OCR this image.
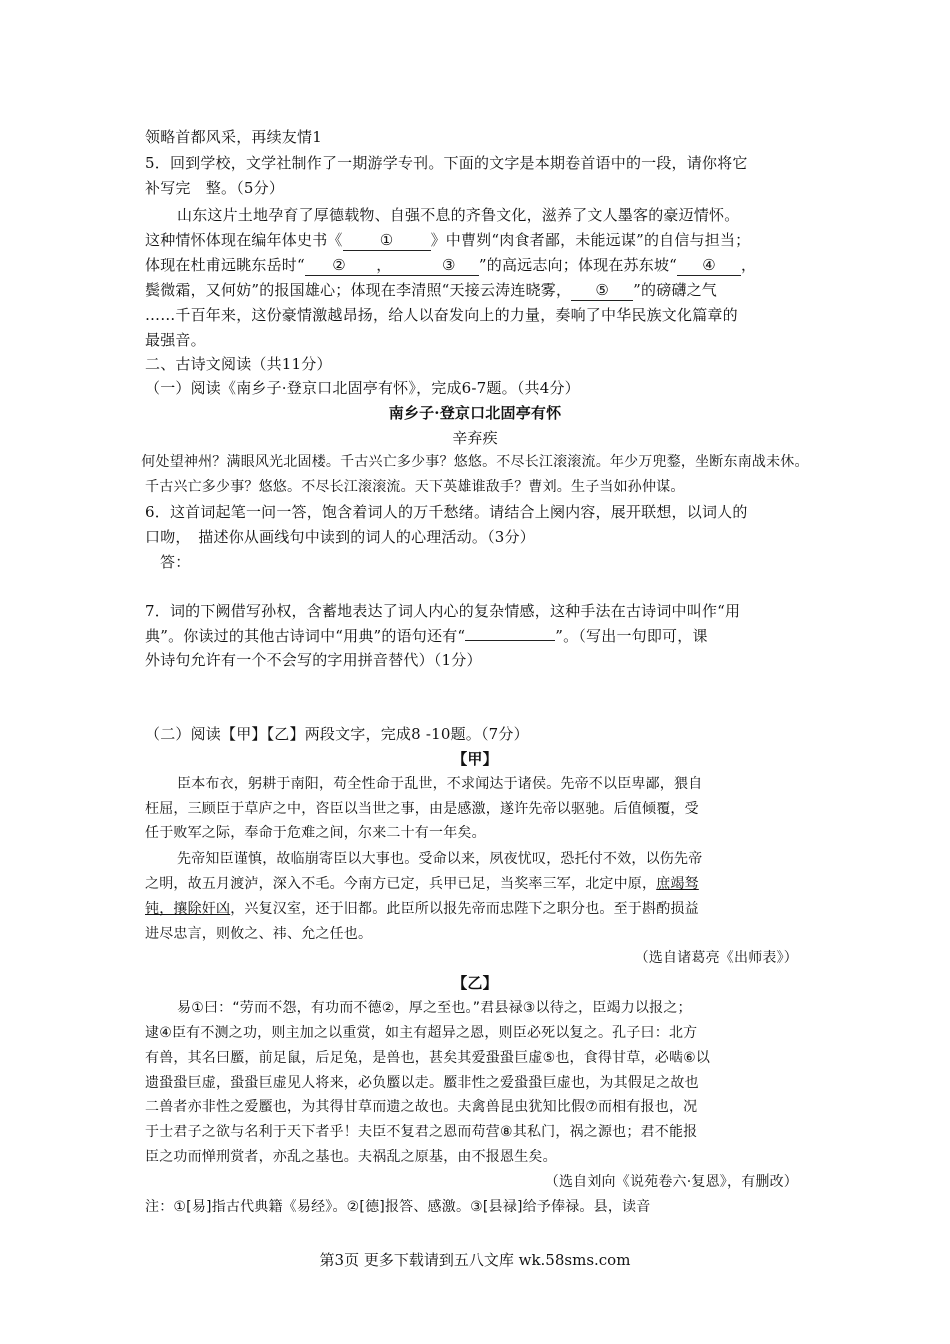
领略首都风采，再续友情1
5．回到学校，文学社制作了一期游学专刊。下面的文字是本期卷首语中的一段，请你将它
补写完　整。（5分）
山东这片土地孕育了厚德载物、自强不息的齐鲁文化，滋养了文人墨客的豪迈情怀。
这种情怀体现在编年体史书《 ① 》中曹刿“肉食者鄙，未能远谋”的自信与担当；
体现在杜甫远眺东岳时“ ②　　，	③ ”的高远志向；体现在苏东坡“ ④ ，
鬓微霜，又何妨”的报国雄心；体现在李清照“天接云涛连晓雾， ⑤ ”的磅礴之气
……千百年来，这份豪情激越昂扬，给人以奋发向上的力量，奏响了中华民族文化篇章的
最强音。
二、古诗文阅读（共11分）
（一）阅读《南乡子·登京口北固亭有怀》，完成6-7题。（共4分）
南乡子·登京口北固亭有怀
辛弃疾
何处望神州？满眼风光北固楼。千古兴亡多少事？悠悠。不尽长江滚滚流。年少万兜鍪，坐断东南战未休。
千古兴亡多少事？悠悠。不尽长江滚滚流。天下英雄谁敌手？曹刘。生子当如孙仲谋。
6．这首词起笔一问一答，饱含着词人的万千愁绪。请结合上阕内容，展开联想，以词人的
口吻，　描述你从画线句中读到的词人的心理活动。（3分）
答：
7．词的下阙借写孙权，含蓄地表达了词人内心的复杂情感，这种手法在古诗词中叫作“用
典”。你读过的其他古诗词中“用典”的语句还有“	”。（写出一句即可，课
外诗句允许有一个不会写的字用拼音替代）（1分）
（二）阅读【甲】【乙】两段文字，完成8 -10题。（7分）
【甲】
臣本布衣，躬耕于南阳，苟全性命于乱世，不求闻达于诸侯。先帝不以臣卑鄙，猥自
枉屈，三顾臣于草庐之中，咨臣以当世之事，由是感激，遂许先帝以驱驰。后值倾覆，受
任于败军之际，奉命于危难之间，尔来二十有一年矣。
先帝知臣谨慎，故临崩寄臣以大事也。受命以来，夙夜忧叹，恐托付不效，以伤先帝
之明，故五月渡泸，深入不毛。今南方已定，兵甲已足，当奖率三军，北定中原，庶竭驽
钝，攘除奸凶，兴复汉室，还于旧都。此臣所以报先帝而忠陛下之职分也。至于斟酌损益
进尽忠言，则攸之、祎、允之任也。
（选自诸葛亮《出师表》）
【乙】
易①曰：“劳而不怨，有功而不德②，厚之至也。”君县禄③以待之，臣竭力以报之；
逮④臣有不测之功，则主加之以重赏，如主有超异之恩，则臣必死以复之。孔子曰：北方
有兽，其名曰蟨，前足鼠，后足兔，是兽也，甚矣其爱蛩蛩巨虚⑤也，食得甘草，必啮⑥以
遗蛩蛩巨虚，蛩蛩巨虚见人将来，必负蟨以走。蟨非性之爱蛩蛩巨虚也，为其假足之故也
二兽者亦非性之爱蟨也，为其得甘草而遗之故也。夫禽兽昆虫犹知比假⑦而相有报也，况
于士君子之欲与名利于天下者乎！夫臣不复君之恩而苟营⑧其私门，祸之源也；君不能报
臣之功而惮刑赏者，亦乱之基也。夫祸乱之原基，由不报恩生矣。
（选自刘向《说苑卷六·复恩》，有删改）
注：①[易]指古代典籍《易经》。②[德]报答、感激。③[县禄]给予俸禄。县，读音
第3页 更多下载请到五八文库 wk.58sms.com
